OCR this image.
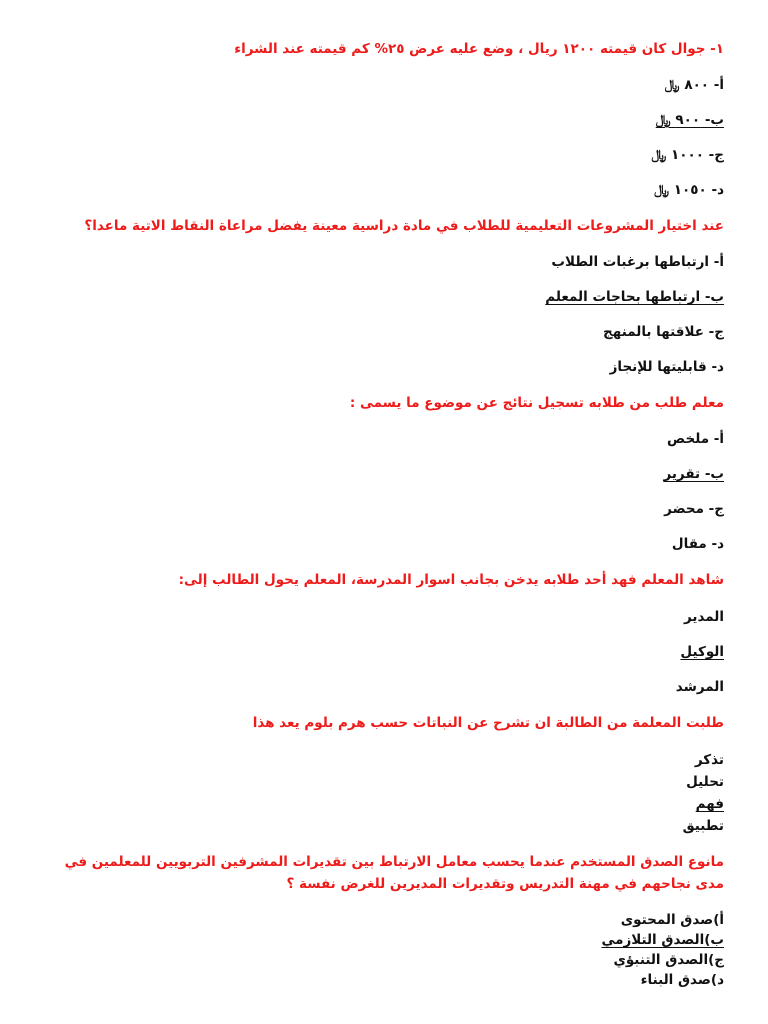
١- جوال كان قيمته ١٢٠٠ ريال ، وضع عليه عرض ٢٥% كم قيمته عند الشراء

أ- ٨٠٠ ﷼

ب- ٩٠٠ ﷼

ج- ١٠٠٠ ﷼

د- ١٠٥٠ ﷼

عند اختيار المشروعات التعليمية للطلاب في مادة دراسية معينة يفضل مراعاة النقاط الاتية ماعدا؟

أ- ارتباطها برغبات الطلاب

ب- ارتباطها بحاجات المعلم

ج- علاقتها بالمنهج

د- قابليتها للإنجاز

معلم طلب من طلابه تسجيل نتائج عن موضوع ما يسمى :

أ- ملخص

ب- تقرير

ج- محضر

د- مقال

شاهد المعلم فهد أحد طلابه يدخن بجانب اسوار المدرسة، المعلم يحول الطالب إلى:

المدير

الوكيل

المرشد

طلبت المعلمة من الطالبة ان تشرح عن النباتات حسب هرم بلوم يعد هذا

تذكر

تحليل

فهم

تطبيق

مانوع الصدق المستخدم عندما يحسب معامل الارتباط بين تقديرات المشرفين التربويين للمعلمين في مدى نجاحهم في مهنة التدريس وتقديرات المديرين للغرض نفسة ؟

أ)صدق المحتوى

ب)الصدق التلازمي

ج)الصدق التنبؤي

د)صدق البناء
